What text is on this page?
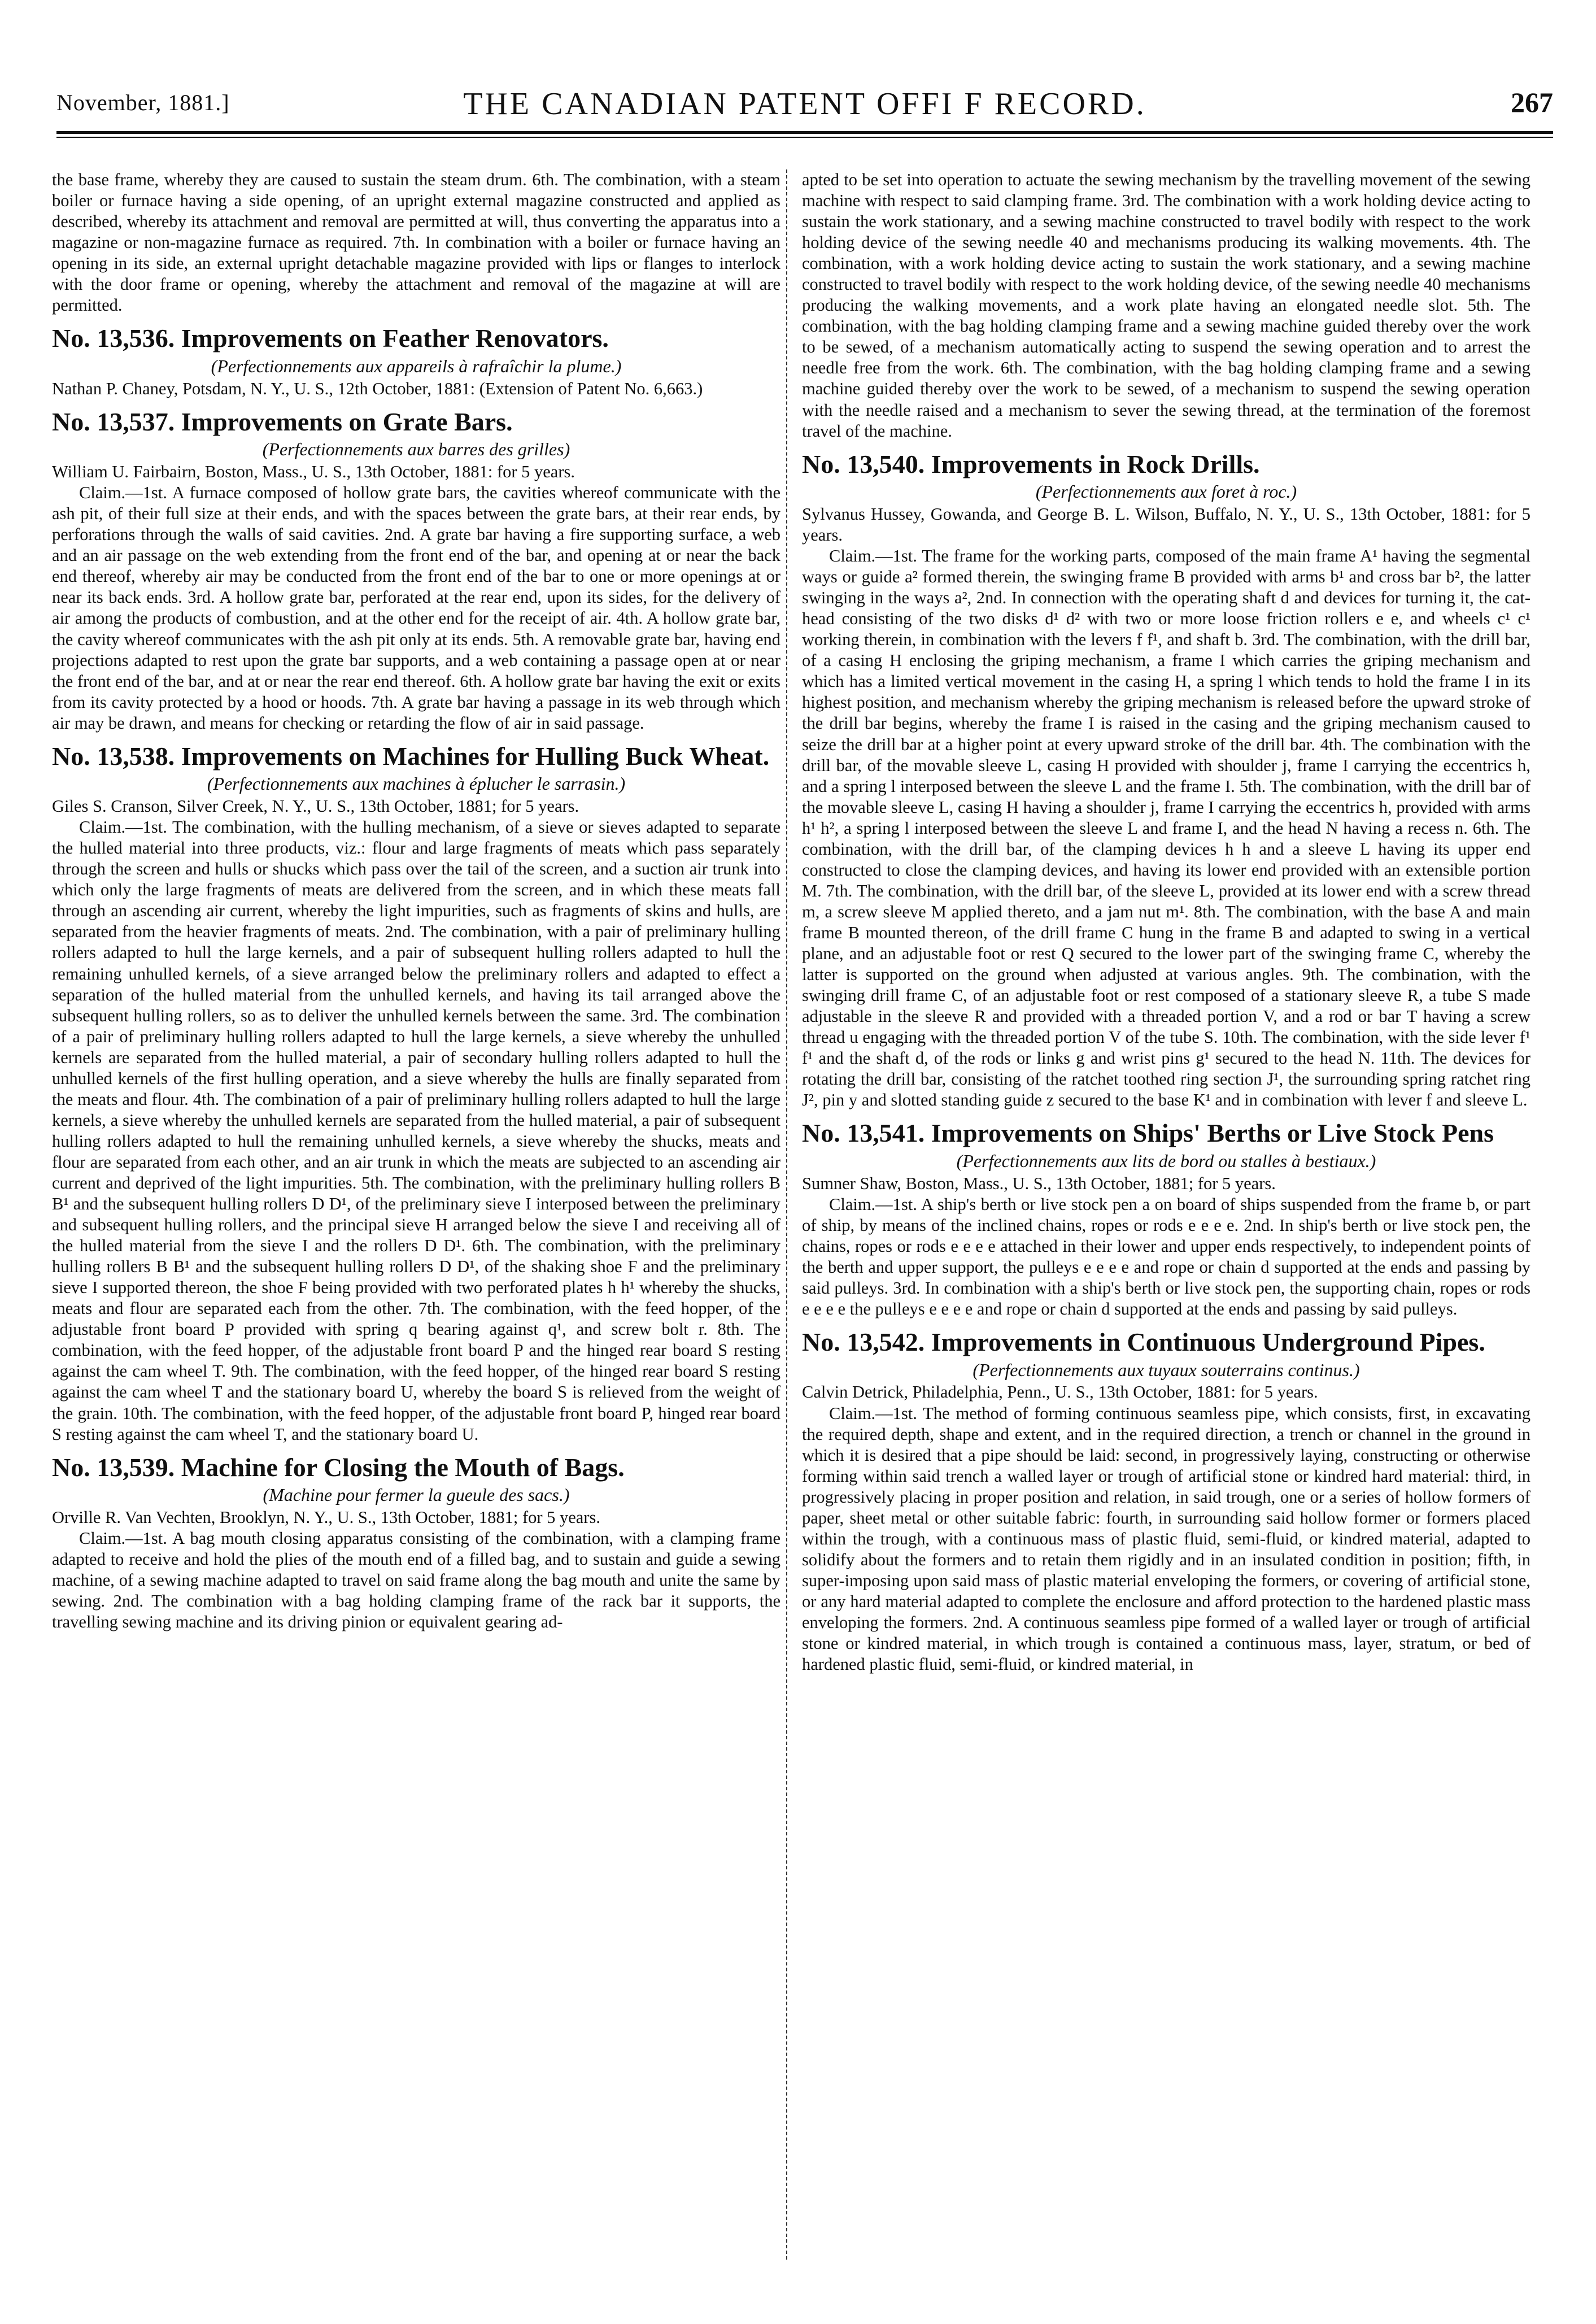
November, 1881.]	THE CANADIAN PATENT OFFI F RECORD.	267

the base frame, whereby they are caused to sustain the steam drum. 6th. The combination, with a steam boiler or furnace having a side opening, of an upright external magazine constructed and applied as described, whereby its attachment and removal are permitted at will, thus converting the apparatus into a magazine or non-magazine furnace as required. 7th. In combination with a boiler or furnace having an opening in its side, an external upright detachable magazine provided with lips or flanges to interlock with the door frame or opening, whereby the attachment and removal of the magazine at will are permitted.

No. 13,536. Improvements on Feather Renovators.
(Perfectionnements aux appareils à rafraîchir la plume.)

Nathan P. Chaney, Potsdam, N. Y., U. S., 12th October, 1881: (Extension of Patent No. 6,663.)

No. 13,537. Improvements on Grate Bars.
(Perfectionnements aux barres des grilles)

William U. Fairbairn, Boston, Mass., U. S., 13th October, 1881: for 5 years.

Claim.—1st. A furnace composed of hollow grate bars, the cavities whereof communicate with the ash pit, of their full size at their ends, and with the spaces between the grate bars, at their rear ends, by perforations through the walls of said cavities. 2nd. A grate bar having a fire supporting surface, a web and an air passage on the web extending from the front end of the bar, and opening at or near the back end thereof, whereby air may be conducted from the front end of the bar to one or more openings at or near its back ends. 3rd. A hollow grate bar, perforated at the rear end, upon its sides, for the delivery of air among the products of combustion, and at the other end for the receipt of air. 4th. A hollow grate bar, the cavity whereof communicates with the ash pit only at its ends. 5th. A removable grate bar, having end projections adapted to rest upon the grate bar supports, and a web containing a passage open at or near the front end of the bar, and at or near the rear end thereof. 6th. A hollow grate bar having the exit or exits from its cavity protected by a hood or hoods. 7th. A grate bar having a passage in its web through which air may be drawn, and means for checking or retarding the flow of air in said passage.

No. 13,538. Improvements on Machines for Hulling Buck Wheat.
(Perfectionnements aux machines à éplucher le sarrasin.)

Giles S. Cranson, Silver Creek, N. Y., U. S., 13th October, 1881; for 5 years.

Claim.—1st. The combination, with the hulling mechanism, of a sieve or sieves adapted to separate the hulled material into three products, viz.: flour and large fragments of meats which pass separately through the screen and hulls or shucks which pass over the tail of the screen, and a suction air trunk into which only the large fragments of meats are delivered from the screen, and in which these meats fall through an ascending air current, whereby the light impurities, such as fragments of skins and hulls, are separated from the heavier fragments of meats. 2nd. The combination, with a pair of preliminary hulling rollers adapted to hull the large kernels, and a pair of subsequent hulling rollers adapted to hull the remaining unhulled kernels, of a sieve arranged below the preliminary rollers and adapted to effect a separation of the hulled material from the unhulled kernels, and having its tail arranged above the subsequent hulling rollers, so as to deliver the unhulled kernels between the same. 3rd. The combination of a pair of preliminary hulling rollers adapted to hull the large kernels, a sieve whereby the unhulled kernels are separated from the hulled material, a pair of secondary hulling rollers adapted to hull the unhulled kernels of the first hulling operation, and a sieve whereby the hulls are finally separated from the meats and flour. 4th. The combination of a pair of preliminary hulling rollers adapted to hull the large kernels, a sieve whereby the unhulled kernels are separated from the hulled material, a pair of subsequent hulling rollers adapted to hull the remaining unhulled kernels, a sieve whereby the shucks, meats and flour are separated from each other, and an air trunk in which the meats are subjected to an ascending air current and deprived of the light impurities. 5th. The combination, with the preliminary hulling rollers B B¹ and the subsequent hulling rollers D D¹, of the preliminary sieve I interposed between the preliminary and subsequent hulling rollers, and the principal sieve H arranged below the sieve I and receiving all of the hulled material from the sieve I and the rollers D D¹. 6th. The combination, with the preliminary hulling rollers B B¹ and the subsequent hulling rollers D D¹, of the shaking shoe F and the preliminary sieve I supported thereon, the shoe F being provided with two perforated plates h h¹ whereby the shucks, meats and flour are separated each from the other. 7th. The combination, with the feed hopper, of the adjustable front board P provided with spring q bearing against q¹, and screw bolt r. 8th. The combination, with the feed hopper, of the adjustable front board P and the hinged rear board S resting against the cam wheel T. 9th. The combination, with the feed hopper, of the hinged rear board S resting against the cam wheel T and the stationary board U, whereby the board S is relieved from the weight of the grain. 10th. The combination, with the feed hopper, of the adjustable front board P, hinged rear board S resting against the cam wheel T, and the stationary board U.

No. 13,539. Machine for Closing the Mouth of Bags.
(Machine pour fermer la gueule des sacs.)

Orville R. Van Vechten, Brooklyn, N. Y., U. S., 13th October, 1881; for 5 years.

Claim.—1st. A bag mouth closing apparatus consisting of the combination, with a clamping frame adapted to receive and hold the plies of the mouth end of a filled bag, and to sustain and guide a sewing machine, of a sewing machine adapted to travel on said frame along the bag mouth and unite the same by sewing. 2nd. The combination with a bag holding clamping frame of the rack bar it supports, the travelling sewing machine and its driving pinion or equivalent gearing ad-

apted to be set into operation to actuate the sewing mechanism by the travelling movement of the sewing machine with respect to said clamping frame. 3rd. The combination with a work holding device acting to sustain the work stationary, and a sewing machine constructed to travel bodily with respect to the work holding device of the sewing needle 40 and mechanisms producing its walking movements. 4th. The combination, with a work holding device acting to sustain the work stationary, and a sewing machine constructed to travel bodily with respect to the work holding device, of the sewing needle 40 mechanisms producing the walking movements, and a work plate having an elongated needle slot. 5th. The combination, with the bag holding clamping frame and a sewing machine guided thereby over the work to be sewed, of a mechanism automatically acting to suspend the sewing operation and to arrest the needle free from the work. 6th. The combination, with the bag holding clamping frame and a sewing machine guided thereby over the work to be sewed, of a mechanism to suspend the sewing operation with the needle raised and a mechanism to sever the sewing thread, at the termination of the foremost travel of the machine.

No. 13,540. Improvements in Rock Drills.
(Perfectionnements aux foret à roc.)

Sylvanus Hussey, Gowanda, and George B. L. Wilson, Buffalo, N. Y., U. S., 13th October, 1881: for 5 years.

Claim.—1st. The frame for the working parts, composed of the main frame A¹ having the segmental ways or guide a² formed therein, the swinging frame B provided with arms b¹ and cross bar b², the latter swinging in the ways a², 2nd. In connection with the operating shaft d and devices for turning it, the cat-head consisting of the two disks d¹ d² with two or more loose friction rollers e e, and wheels c¹ c¹ working therein, in combination with the levers f f¹, and shaft b. 3rd. The combination, with the drill bar, of a casing H enclosing the griping mechanism, a frame I which carries the griping mechanism and which has a limited vertical movement in the casing H, a spring l which tends to hold the frame I in its highest position, and mechanism whereby the griping mechanism is released before the upward stroke of the drill bar begins, whereby the frame I is raised in the casing and the griping mechanism caused to seize the drill bar at a higher point at every upward stroke of the drill bar. 4th. The combination with the drill bar, of the movable sleeve L, casing H provided with shoulder j, frame I carrying the eccentrics h, and a spring l interposed between the sleeve L and the frame I. 5th. The combination, with the drill bar of the movable sleeve L, casing H having a shoulder j, frame I carrying the eccentrics h, provided with arms h¹ h², a spring l interposed between the sleeve L and frame I, and the head N having a recess n. 6th. The combination, with the drill bar, of the clamping devices h h and a sleeve L having its upper end constructed to close the clamping devices, and having its lower end provided with an extensible portion M. 7th. The combination, with the drill bar, of the sleeve L, provided at its lower end with a screw thread m, a screw sleeve M applied thereto, and a jam nut m¹. 8th. The combination, with the base A and main frame B mounted thereon, of the drill frame C hung in the frame B and adapted to swing in a vertical plane, and an adjustable foot or rest Q secured to the lower part of the swinging frame C, whereby the latter is supported on the ground when adjusted at various angles. 9th. The combination, with the swinging drill frame C, of an adjustable foot or rest composed of a stationary sleeve R, a tube S made adjustable in the sleeve R and provided with a threaded portion V, and a rod or bar T having a screw thread u engaging with the threaded portion V of the tube S. 10th. The combination, with the side lever f¹ f¹ and the shaft d, of the rods or links g and wrist pins g¹ secured to the head N. 11th. The devices for rotating the drill bar, consisting of the ratchet toothed ring section J¹, the surrounding spring ratchet ring J², pin y and slotted standing guide z secured to the base K¹ and in combination with lever f and sleeve L.

No. 13,541. Improvements on Ships' Berths or Live Stock Pens
(Perfectionnements aux lits de bord ou stalles à bestiaux.)

Sumner Shaw, Boston, Mass., U. S., 13th October, 1881; for 5 years.

Claim.—1st. A ship's berth or live stock pen a on board of ships suspended from the frame b, or part of ship, by means of the inclined chains, ropes or rods e e e e. 2nd. In ship's berth or live stock pen, the chains, ropes or rods e e e e attached in their lower and upper ends respectively, to independent points of the berth and upper support, the pulleys e e e e and rope or chain d supported at the ends and passing by said pulleys. 3rd. In combination with a ship's berth or live stock pen, the supporting chain, ropes or rods e e e e the pulleys e e e e and rope or chain d supported at the ends and passing by said pulleys.

No. 13,542. Improvements in Continuous Underground Pipes.
(Perfectionnements aux tuyaux souterrains continus.)

Calvin Detrick, Philadelphia, Penn., U. S., 13th October, 1881: for 5 years.

Claim.—1st. The method of forming continuous seamless pipe, which consists, first, in excavating the required depth, shape and extent, and in the required direction, a trench or channel in the ground in which it is desired that a pipe should be laid: second, in progressively laying, constructing or otherwise forming within said trench a walled layer or trough of artificial stone or kindred hard material: third, in progressively placing in proper position and relation, in said trough, one or a series of hollow formers of paper, sheet metal or other suitable fabric: fourth, in surrounding said hollow former or formers placed within the trough, with a continuous mass of plastic fluid, semi-fluid, or kindred material, adapted to solidify about the formers and to retain them rigidly and in an insulated condition in position; fifth, in super-imposing upon said mass of plastic material enveloping the formers, or covering of artificial stone, or any hard material adapted to complete the enclosure and afford protection to the hardened plastic mass enveloping the formers. 2nd. A continuous seamless pipe formed of a walled layer or trough of artificial stone or kindred material, in which trough is contained a continuous mass, layer, stratum, or bed of hardened plastic fluid, semi-fluid, or kindred material, in
